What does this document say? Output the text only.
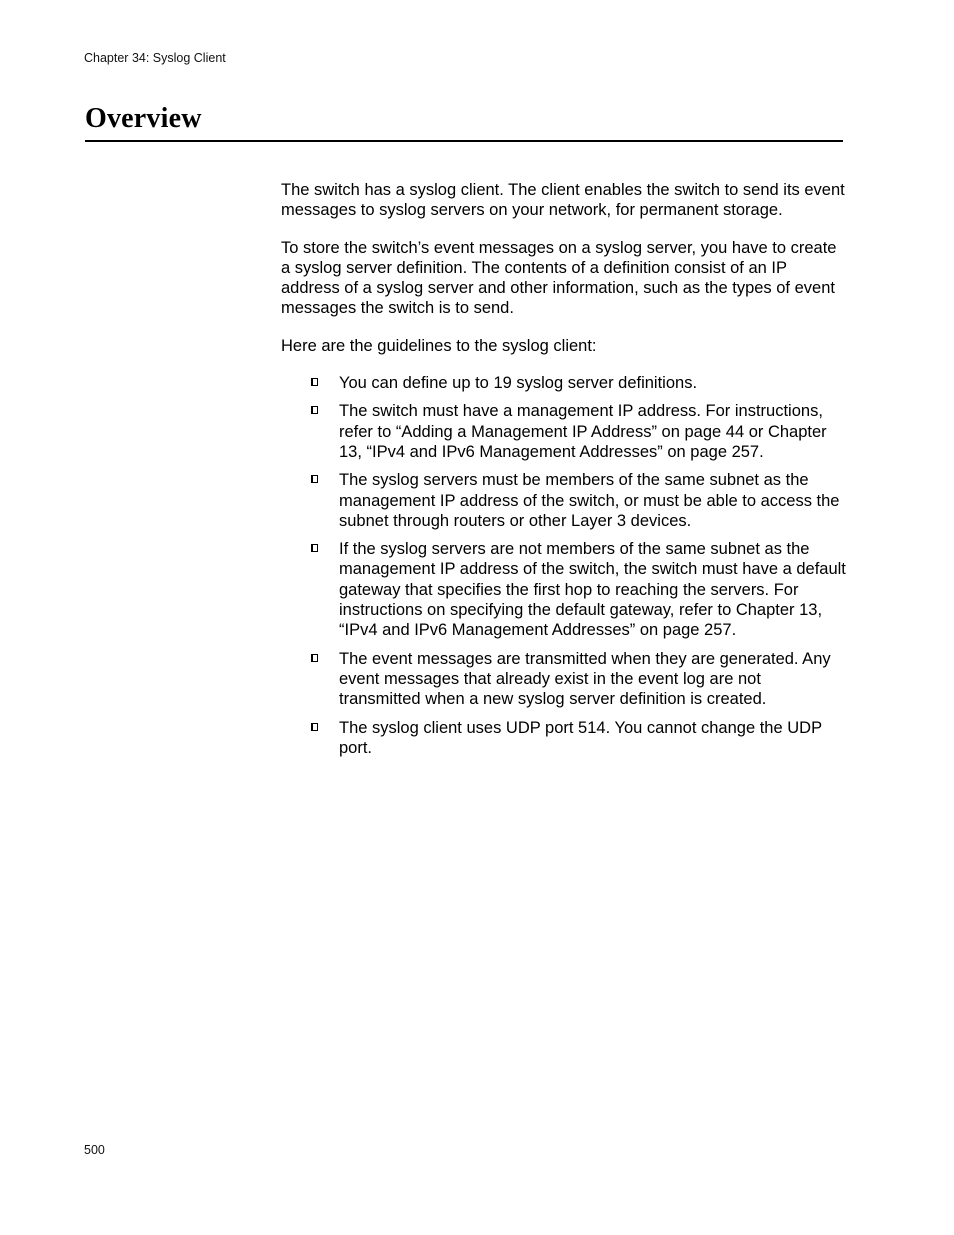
Chapter 34: Syslog Client
Overview

The switch has a syslog client. The client enables the switch to send its event messages to syslog servers on your network, for permanent storage.

To store the switch’s event messages on a syslog server, you have to create a syslog server definition. The contents of a definition consist of an IP address of a syslog server and other information, such as the types of event messages the switch is to send.

Here are the guidelines to the syslog client:

You can define up to 19 syslog server definitions.
The switch must have a management IP address. For instructions, refer to “Adding a Management IP Address” on page 44 or Chapter 13, “IPv4 and IPv6 Management Addresses” on page 257.
The syslog servers must be members of the same subnet as the management IP address of the switch, or must be able to access the subnet through routers or other Layer 3 devices.
If the syslog servers are not members of the same subnet as the management IP address of the switch, the switch must have a default gateway that specifies the first hop to reaching the servers. For instructions on specifying the default gateway, refer to Chapter 13, “IPv4 and IPv6 Management Addresses” on page 257.
The event messages are transmitted when they are generated. Any event messages that already exist in the event log are not transmitted when a new syslog server definition is created.
The syslog client uses UDP port 514. You cannot change the UDP port.
500
